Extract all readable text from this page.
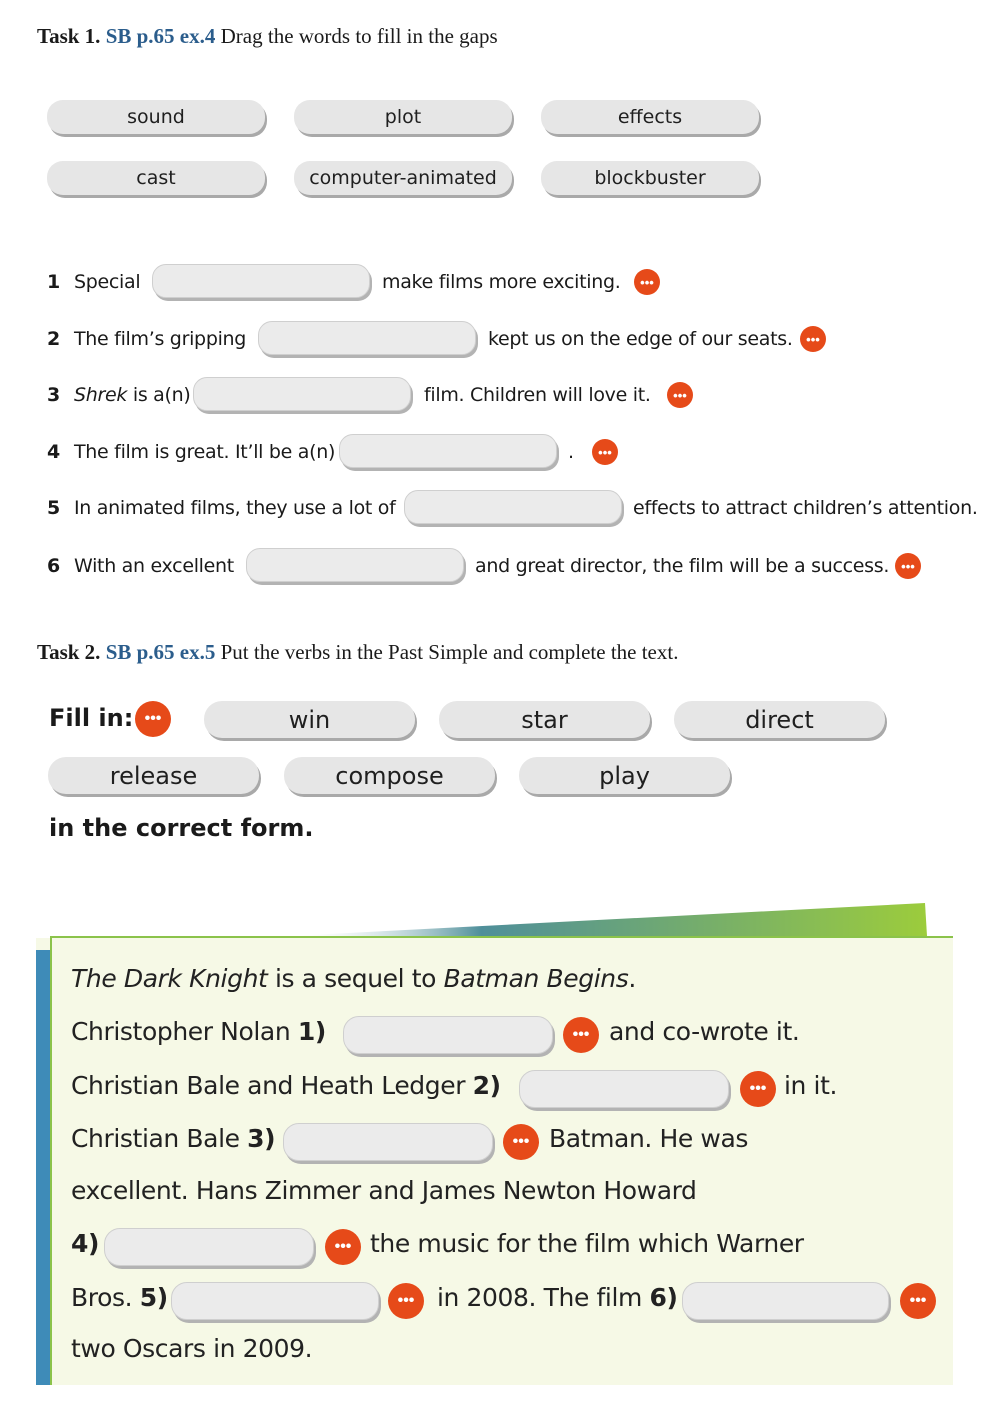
Task 1. SB p.65 ex.4 Drag the words to fill in the gaps
sound	plot	effects
cast	computer-animated	blockbuster
1 Special	make films more exciting.	•••
2 The film’s gripping	kept us on the edge of our seats.	•••
3 Shrek is a(n)	film. Children will love it.	•••
4 The film is great. It’ll be a(n)	.	•••
5 In animated films, they use a lot of	effects to attract children’s attention.
6 With an excellent	and great director, the film will be a success. •••
Task 2. SB p.65 ex.5 Put the verbs in the Past Simple and complete the text.
Fill in: •••	win	star	direct
release	compose	play
in the correct form.
The Dark Knight is a sequel to Batman Begins.
Christopher Nolan 1)	••• and co-wrote it.
Christian Bale and Heath Ledger 2)	••• in it.
Christian Bale 3)	••• Batman. He was
excellent. Hans Zimmer and James Newton Howard
4)	••• the music for the film which Warner
Bros. 5)	••• in 2008. The film 6)	•••
two Oscars in 2009.
